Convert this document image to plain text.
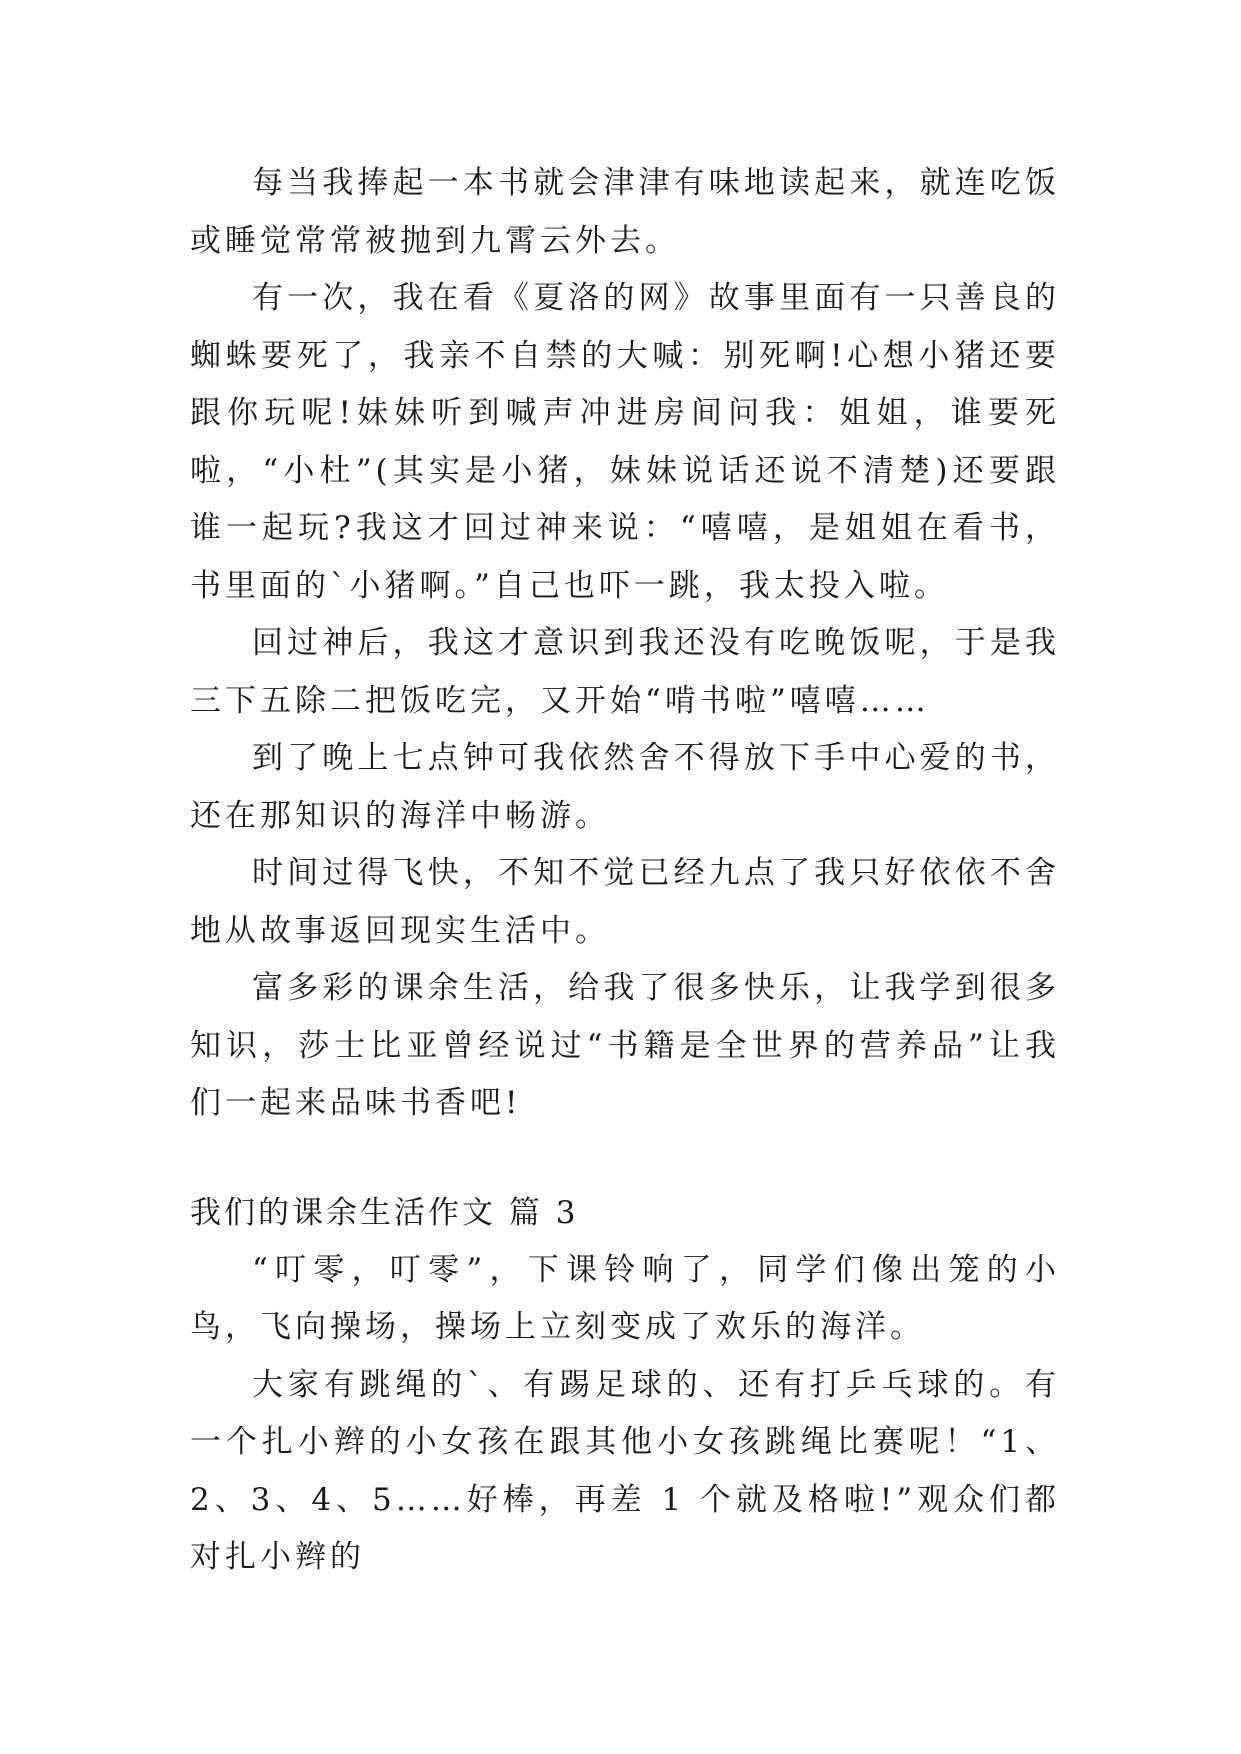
每当我捧起一本书就会津津有味地读起来，就连吃饭或睡觉常常被抛到九霄云外去。

有一次，我在看《夏洛的网》故事里面有一只善良的蜘蛛要死了，我亲不自禁的大喊：别死啊!心想小猪还要跟你玩呢!妹妹听到喊声冲进房间问我：姐姐，谁要死啦，“小杜”(其实是小猪，妹妹说话还说不清楚)还要跟谁一起玩?我这才回过神来说：“嘻嘻，是姐姐在看书，书里面的`小猪啊。”自己也吓一跳，我太投入啦。

回过神后，我这才意识到我还没有吃晚饭呢，于是我三下五除二把饭吃完，又开始“啃书啦”嘻嘻……

到了晚上七点钟可我依然舍不得放下手中心爱的书，还在那知识的海洋中畅游。

时间过得飞快，不知不觉已经九点了我只好依依不舍地从故事返回现实生活中。

富多彩的课余生活，给我了很多快乐，让我学到很多知识，莎士比亚曾经说过“书籍是全世界的营养品”让我们一起来品味书香吧!

我们的课余生活作文 篇 3

“叮零，叮零”，下课铃响了，同学们像出笼的小鸟，飞向操场，操场上立刻变成了欢乐的海洋。

大家有跳绳的`、有踢足球的、还有打乒乓球的。有一个扎小辫的小女孩在跟其他小女孩跳绳比赛呢！“1、2、3、4、5……好棒，再差 1 个就及格啦!”观众们都对扎小辫的
